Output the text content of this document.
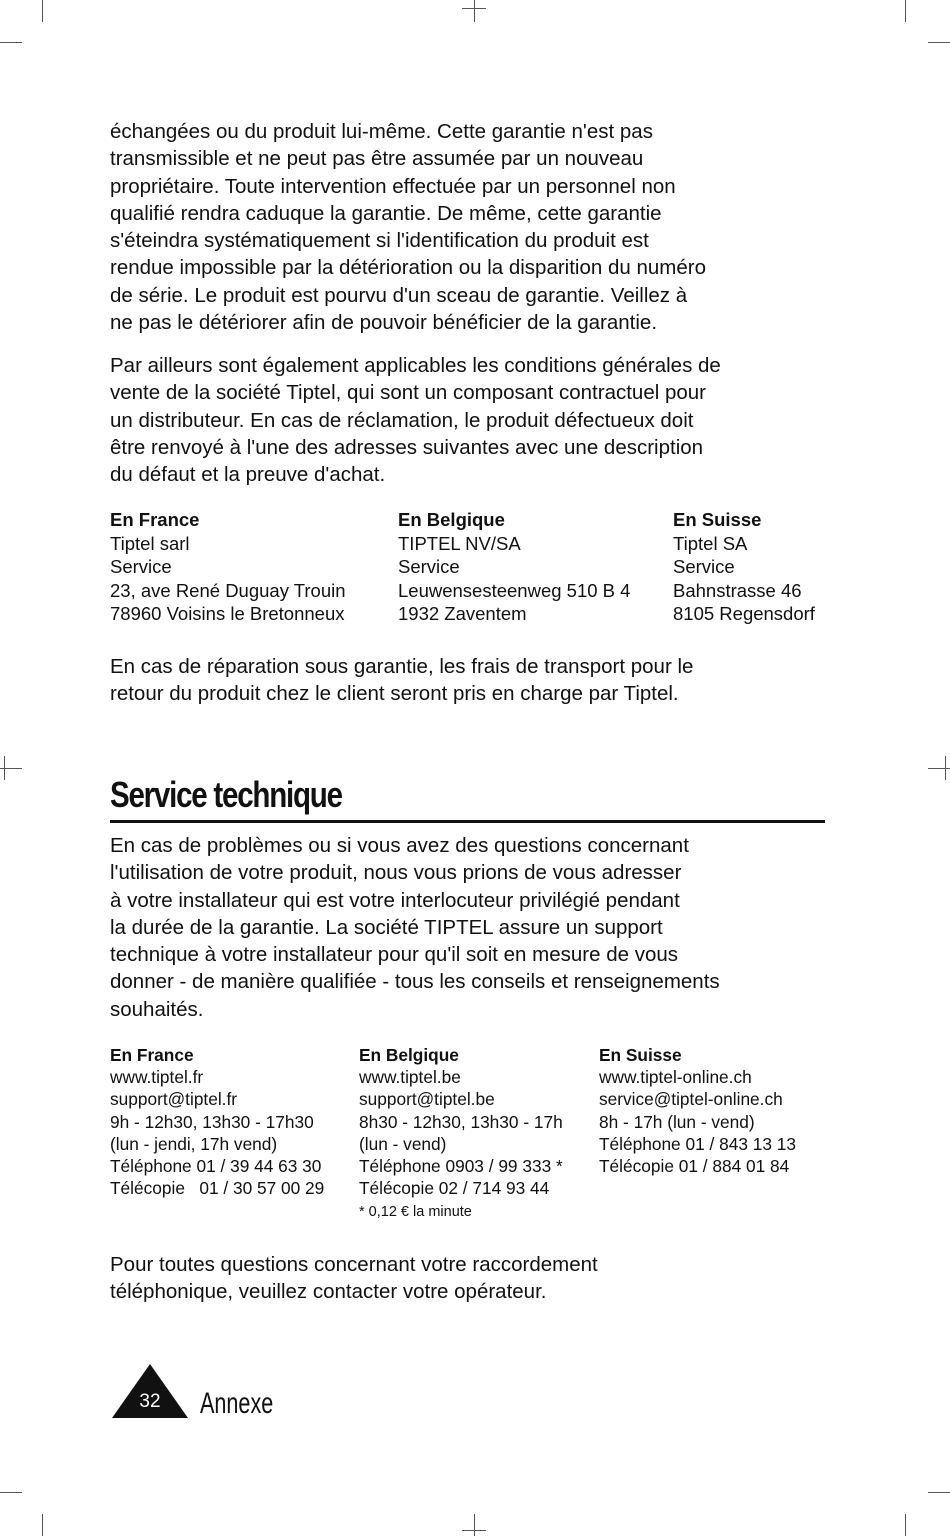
échangées ou du produit lui-même. Cette garantie n'est pas
transmissible et ne peut pas être assumée par un nouveau
propriétaire. Toute intervention effectuée par un personnel non
qualifié rendra caduque la garantie. De même, cette garantie
s'éteindra systématiquement si l'identification du produit est
rendue impossible par la détérioration ou la disparition du numéro
de série. Le produit est pourvu d'un sceau de garantie. Veillez à
ne pas le détériorer afin de pouvoir bénéficier de la garantie.

Par ailleurs sont également applicables les conditions générales de
vente de la société Tiptel, qui sont un composant contractuel pour
un distributeur. En cas de réclamation, le produit défectueux doit
être renvoyé à l'une des adresses suivantes avec une description
du défaut et la preuve d'achat.

En France
Tiptel sarl
Service
23, ave René Duguay Trouin
78960 Voisins le Bretonneux
En Belgique
TIPTEL NV/SA
Service
Leuwensesteenweg 510 B 4
1932 Zaventem
En Suisse
Tiptel SA
Service
Bahnstrasse 46
8105 Regensdorf

En cas de réparation sous garantie, les frais de transport pour le
retour du produit chez le client seront pris en charge par Tiptel.

Service technique

En cas de problèmes ou si vous avez des questions concernant
l'utilisation de votre produit, nous vous prions de vous adresser
à votre installateur qui est votre interlocuteur privilégié pendant
la durée de la garantie. La société TIPTEL assure un support
technique à votre installateur pour qu'il soit en mesure de vous
donner - de manière qualifiée - tous les conseils et renseignements
souhaités.

En France
www.tiptel.fr
support@tiptel.fr
9h - 12h30, 13h30 - 17h30
(lun - jendi, 17h vend)
Téléphone 01 / 39 44 63 30
Télécopie   01 / 30 57 00 29
En Belgique
www.tiptel.be
support@tiptel.be
8h30 - 12h30, 13h30 - 17h
(lun - vend)
Téléphone 0903 / 99 333 *
Télécopie 02 / 714 93 44
* 0,12 € la minute
En Suisse
www.tiptel-online.ch
service@tiptel-online.ch
8h - 17h (lun - vend)
Téléphone 01 / 843 13 13
Télécopie 01 / 884 01 84

Pour toutes questions concernant votre raccordement
téléphonique, veuillez contacter votre opérateur.

32 Annexe
